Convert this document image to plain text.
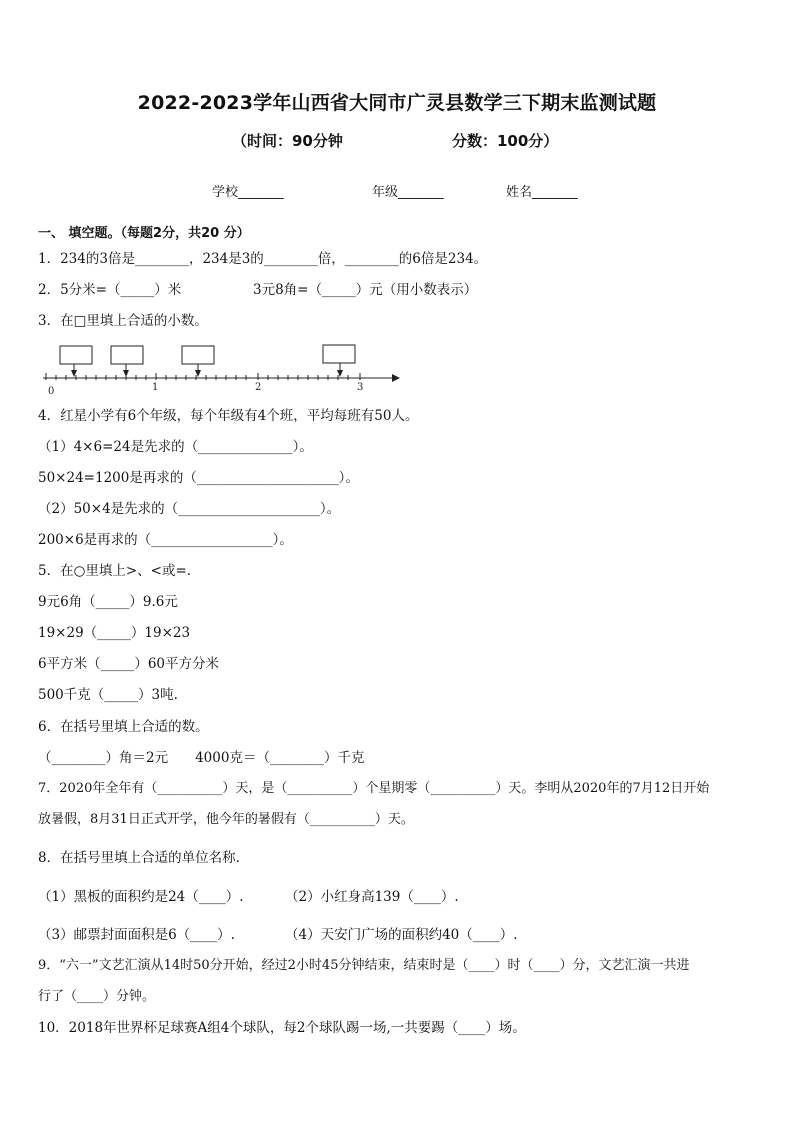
2022-2023学年山西省大同市广灵县数学三下期末监测试题
（时间：90分钟	分数：100分）
学校_______	年级_______	姓名_______
一、 填空题。（每题2分，共20 分）
1．234的3倍是________，234是3的________倍，________的6倍是234。
2．5分米=（_____）米	3元8角=（_____）元（用小数表示）
3．在□里填上合适的小数。
0	1	2	3
4．红星小学有6个年级，每个年级有4个班，平均每班有50人。
（1）4×6=24是先求的（______________）。
50×24=1200是再求的（_____________________）。
（2）50×4是先求的（_____________________）。
200×6是再求的（__________________）。
5．在○里填上>、<或=.
9元6角（_____）9.6元
19×29（_____）19×23
6平方米（_____）60平方分米
500千克（_____）3吨.
6．在括号里填上合适的数。
（________）角＝2元　　4000克＝（________）千克
7．2020年全年有（__________）天，是（__________）个星期零（__________）天。李明从2020年的7月12日开始
放暑假，8月31日正式开学，他今年的暑假有（__________）天。
8．在括号里填上合适的单位名称.
（1）黑板的面积约是24（____）.	（2）小红身高139（____）.
（3）邮票封面面积是6（____）.	（4）天安门广场的面积约40（____）.
9．“六一”文艺汇演从14时50分开始，经过2小时45分钟结束，结束时是（____）时（____）分，文艺汇演一共进
行了（____）分钟。
10．2018年世界杯足球赛A组4个球队，每2个球队踢一场,一共要踢（____）场。
